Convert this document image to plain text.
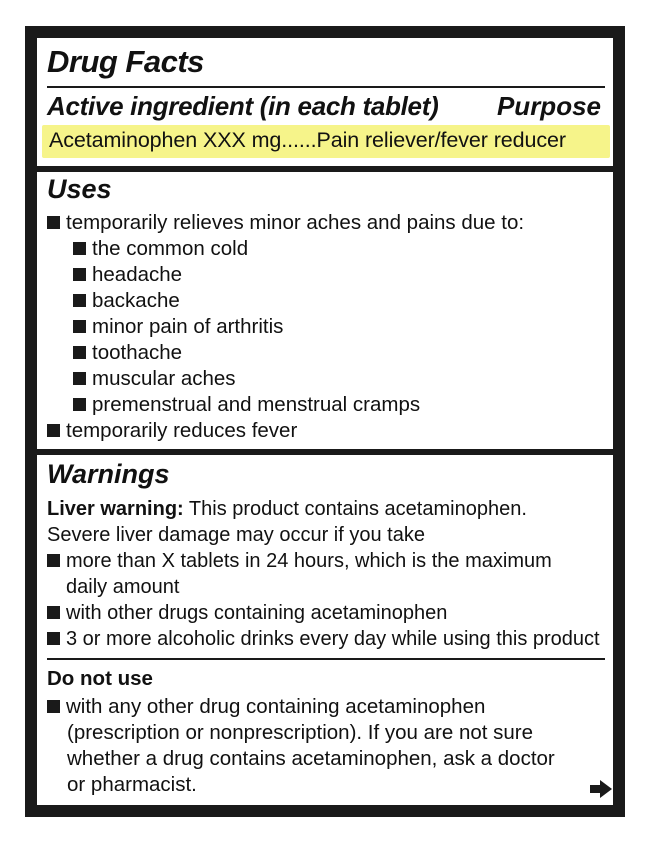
Drug Facts
Active ingredient (in each tablet) Purpose
Acetaminophen XXX mg......Pain reliever/fever reducer
Uses
temporarily relieves minor aches and pains due to:
the common cold
headache
backache
minor pain of arthritis
toothache
muscular aches
premenstrual and menstrual cramps
temporarily reduces fever
Warnings
Liver warning: This product contains acetaminophen.
Severe liver damage may occur if you take
more than X tablets in 24 hours, which is the maximum
daily amount
with other drugs containing acetaminophen
3 or more alcoholic drinks every day while using this product
Do not use
with any other drug containing acetaminophen
(prescription or nonprescription). If you are not sure
whether a drug contains acetaminophen, ask a doctor
or pharmacist.
